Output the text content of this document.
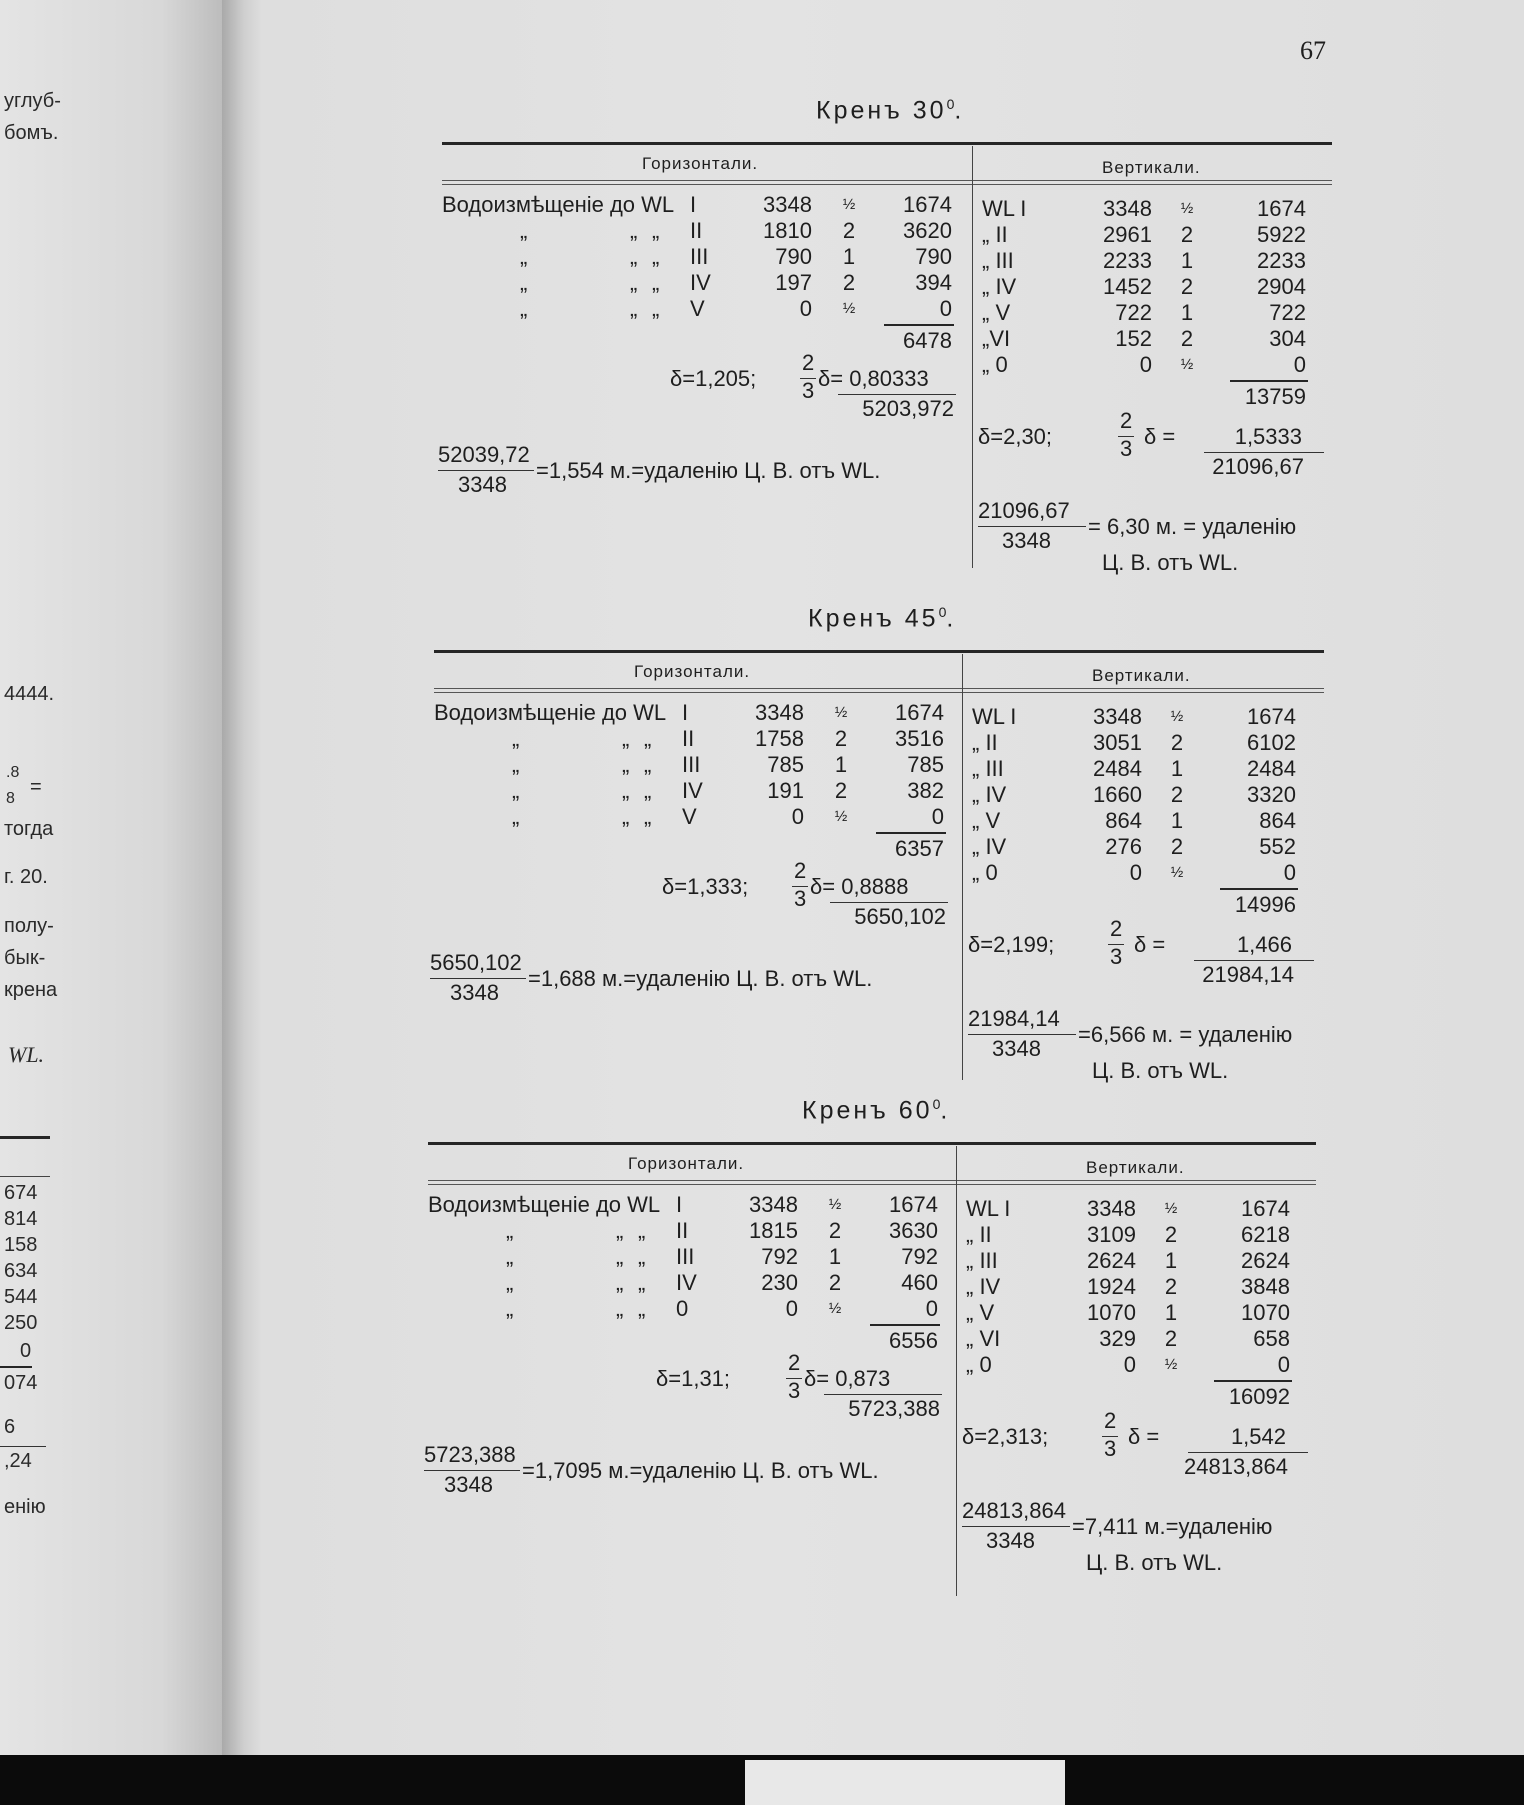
углуб-
бомъ.
4444.
.8
8
=
тогда
г. 20.
полу-
бык-
крена
WL.
674
814
158
634
544
250
0
074
6
,24
енію
67
Кренъ $30^0$.
Горизонтали.	Вертикали.
Водоизмѣщеніе до WL I	3348	½	1674
„	„ „ II	1810	2	3620
„	„ „ III	790	1	790
„	„ „ IV	197	2	394
„	„ „ V	0	½	0
6478
δ=1,205;
2
3 δ= 0,80333
5203,972
52039,72
3348
=1,554 м.=удаленію Ц. В. отъ WL.
WL I	3348	½	1674
„ II	2961	2	5922
„ III	2233	1	2233
„ IV	1452	2	2904
„ V	722	1	722
„VI	152	2	304
„ 0	0	½	0
13759
δ=2,30;
2
3 δ =	1,5333
21096,67
21096,67
3348
= 6,30 м. = удаленію
Ц. В. отъ WL.
Кренъ $45^0$.
Горизонтали.	Вертикали.
Водоизмѣщеніе до WL I	3348	½	1674
„	„ „ II	1758	2	3516
„	„ „ III	785	1	785
„	„ „ IV	191	2	382
„	„ „ V	0	½	0
6357
δ=1,333;
2
3 δ= 0,8888
5650,102
5650,102
3348
=1,688 м.=удаленію Ц. В. отъ WL.
WL I	3348	½	1674
„ II	3051	2	6102
„ III	2484	1	2484
„ IV	1660	2	3320
„ V	864	1	864
„ IV	276	2	552
„ 0	0	½	0
14996
δ=2,199;
2
3 δ =	1,466
21984,14
21984,14
3348
=6,566 м. = удаленію
Ц. В. отъ WL.
Кренъ $60^0$.
Горизонтали.	Вертикали.
Водоизмѣщеніе до WL I	3348	½	1674
„	„ „ II	1815	2	3630
„	„ „ III	792	1	792
„	„ „ IV	230	2	460
„	„ „ 0	0	½	0
6556
δ=1,31;
2
3 δ= 0,873
5723,388
5723,388
3348
=1,7095 м.=удаленію Ц. В. отъ WL.
WL I	3348	½	1674
„ II	3109	2	6218
„ III	2624	1	2624
„ IV	1924	2	3848
„ V	1070	1	1070
„ VI	329	2	658
„ 0	0	½	0
16092
δ=2,313;
2
3 δ =	1,542
24813,864
24813,864
3348
=7,411 м.=удаленію
Ц. В. отъ WL.
